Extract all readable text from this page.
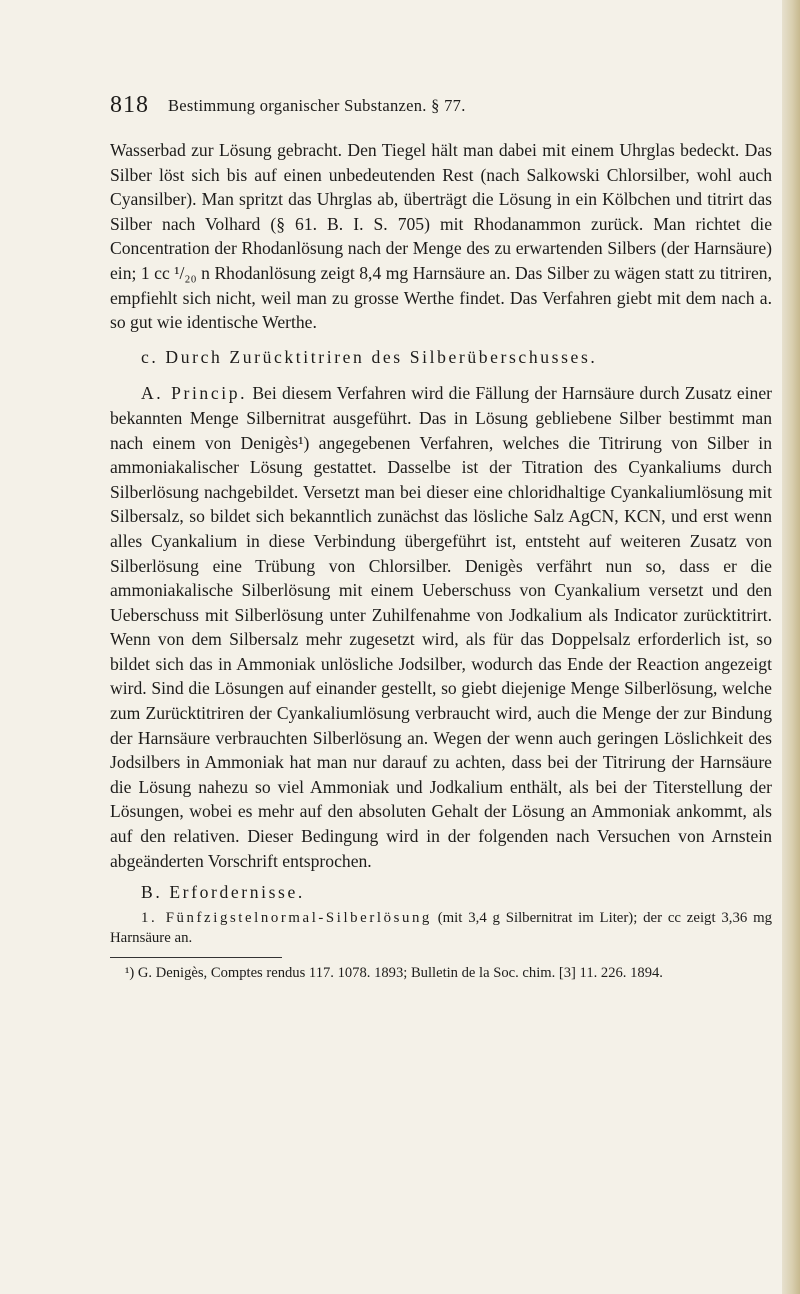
818 Bestimmung organischer Substanzen. § 77.

Wasserbad zur Lösung gebracht. Den Tiegel hält man dabei mit einem Uhrglas bedeckt. Das Silber löst sich bis auf einen unbedeutenden Rest (nach Salkowski Chlorsilber, wohl auch Cyansilber). Man spritzt das Uhrglas ab, überträgt die Lösung in ein Kölbchen und titrirt das Silber nach Volhard (§ 61. B. I. S. 705) mit Rhodanammon zurück. Man richtet die Concentration der Rhodanlösung nach der Menge des zu erwartenden Silbers (der Harnsäure) ein; 1 cc ¹/₂₀ n Rhodanlösung zeigt 8,4 mg Harnsäure an. Das Silber zu wägen statt zu titriren, empfiehlt sich nicht, weil man zu grosse Werthe findet. Das Verfahren giebt mit dem nach a. so gut wie identische Werthe.

c. Durch Zurücktitriren des Silberüberschusses.

A. Princip. Bei diesem Verfahren wird die Fällung der Harnsäure durch Zusatz einer bekannten Menge Silbernitrat ausgeführt. Das in Lösung gebliebene Silber bestimmt man nach einem von Denigès¹) angegebenen Verfahren, welches die Titrirung von Silber in ammoniakalischer Lösung gestattet. Dasselbe ist der Titration des Cyankaliums durch Silberlösung nachgebildet. Versetzt man bei dieser eine chloridhaltige Cyankaliumlösung mit Silbersalz, so bildet sich bekanntlich zunächst das lösliche Salz AgCN, KCN, und erst wenn alles Cyankalium in diese Verbindung übergeführt ist, entsteht auf weiteren Zusatz von Silberlösung eine Trübung von Chlorsilber. Denigès verfährt nun so, dass er die ammoniakalische Silberlösung mit einem Ueberschuss von Cyankalium versetzt und den Ueberschuss mit Silberlösung unter Zuhilfenahme von Jodkalium als Indicator zurücktitrirt. Wenn von dem Silbersalz mehr zugesetzt wird, als für das Doppelsalz erforderlich ist, so bildet sich das in Ammoniak unlösliche Jodsilber, wodurch das Ende der Reaction angezeigt wird. Sind die Lösungen auf einander gestellt, so giebt diejenige Menge Silberlösung, welche zum Zurücktitriren der Cyankaliumlösung verbraucht wird, auch die Menge der zur Bindung der Harnsäure verbrauchten Silberlösung an. Wegen der wenn auch geringen Löslichkeit des Jodsilbers in Ammoniak hat man nur darauf zu achten, dass bei der Titrirung der Harnsäure die Lösung nahezu so viel Ammoniak und Jodkalium enthält, als bei der Titerstellung der Lösungen, wobei es mehr auf den absoluten Gehalt der Lösung an Ammoniak ankommt, als auf den relativen. Dieser Bedingung wird in der folgenden nach Versuchen von Arnstein abgeänderten Vorschrift entsprochen.

B. Erfordernisse.

1. Fünfzigstelnormal-Silberlösung (mit 3,4 g Silbernitrat im Liter); der cc zeigt 3,36 mg Harnsäure an.

¹) G. Denigès, Comptes rendus 117. 1078. 1893; Bulletin de la Soc. chim. [3] 11. 226. 1894.
